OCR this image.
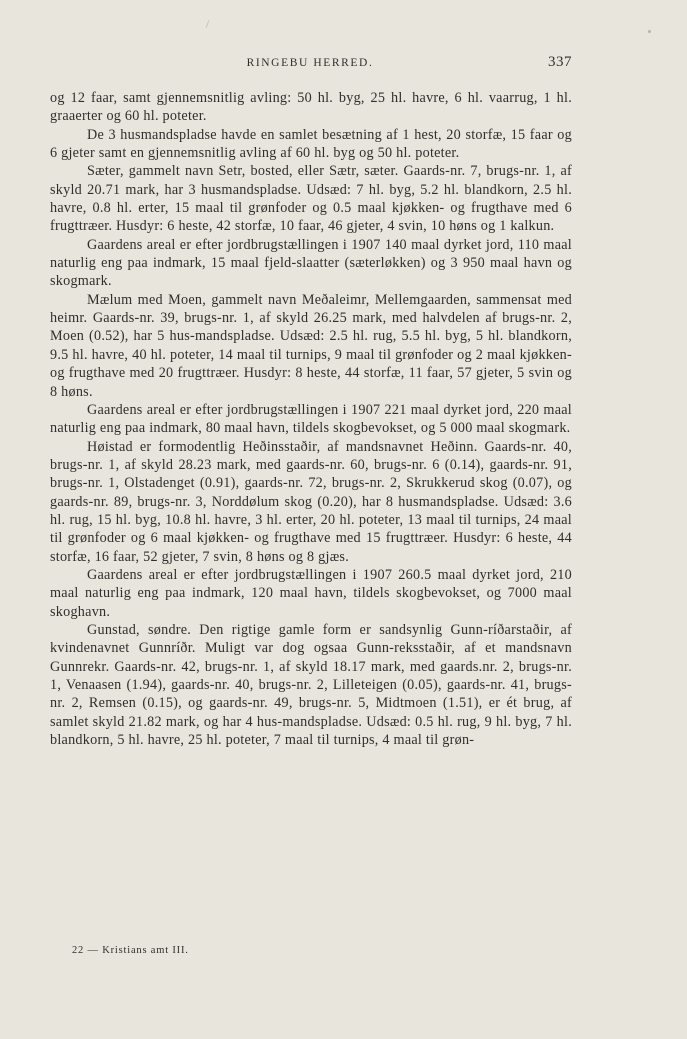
RINGEBU HERRED.	337

og 12 faar, samt gjennemsnitlig avling: 50 hl. byg, 25 hl. havre, 6 hl. vaarrug, 1 hl. graaerter og 60 hl. poteter.

De 3 husmandspladse havde en samlet besætning af 1 hest, 20 storfæ, 15 faar og 6 gjeter samt en gjennemsnitlig avling af 60 hl. byg og 50 hl. poteter.

Sæter, gammelt navn Setr, bosted, eller Sætr, sæter. Gaards-nr. 7, brugs-nr. 1, af skyld 20.71 mark, har 3 husmandspladse. Udsæd: 7 hl. byg, 5.2 hl. blandkorn, 2.5 hl. havre, 0.8 hl. erter, 15 maal til grønfoder og 0.5 maal kjøkken- og frugthave med 6 frugttræer. Husdyr: 6 heste, 42 storfæ, 10 faar, 46 gjeter, 4 svin, 10 høns og 1 kalkun.

Gaardens areal er efter jordbrugstællingen i 1907 140 maal dyrket jord, 110 maal naturlig eng paa indmark, 15 maal fjeld-slaatter (sæterløkken) og 3 950 maal havn og skogmark.

Mælum med Moen, gammelt navn Meðaleimr, Mellemgaarden, sammensat med heimr. Gaards-nr. 39, brugs-nr. 1, af skyld 26.25 mark, med halvdelen af brugs-nr. 2, Moen (0.52), har 5 hus-mandspladse. Udsæd: 2.5 hl. rug, 5.5 hl. byg, 5 hl. blandkorn, 9.5 hl. havre, 40 hl. poteter, 14 maal til turnips, 9 maal til grønfoder og 2 maal kjøkken- og frugthave med 20 frugttræer. Husdyr: 8 heste, 44 storfæ, 11 faar, 57 gjeter, 5 svin og 8 høns.

Gaardens areal er efter jordbrugstællingen i 1907 221 maal dyrket jord, 220 maal naturlig eng paa indmark, 80 maal havn, tildels skogbevokset, og 5 000 maal skogmark.

Høistad er formodentlig Heðinsstaðir, af mandsnavnet Heðinn. Gaards-nr. 40, brugs-nr. 1, af skyld 28.23 mark, med gaards-nr. 60, brugs-nr. 6 (0.14), gaards-nr. 91, brugs-nr. 1, Olstadenget (0.91), gaards-nr. 72, brugs-nr. 2, Skrukkerud skog (0.07), og gaards-nr. 89, brugs-nr. 3, Norddølum skog (0.20), har 8 husmandspladse. Udsæd: 3.6 hl. rug, 15 hl. byg, 10.8 hl. havre, 3 hl. erter, 20 hl. poteter, 13 maal til turnips, 24 maal til grønfoder og 6 maal kjøkken- og frugthave med 15 frugttræer. Husdyr: 6 heste, 44 storfæ, 16 faar, 52 gjeter, 7 svin, 8 høns og 8 gjæs.

Gaardens areal er efter jordbrugstællingen i 1907 260.5 maal dyrket jord, 210 maal naturlig eng paa indmark, 120 maal havn, tildels skogbevokset, og 7000 maal skoghavn.

Gunstad, søndre. Den rigtige gamle form er sandsynlig Gunn-ríðarstaðir, af kvindenavnet Gunnríðr. Muligt var dog ogsaa Gunn-reksstaðir, af et mandsnavn Gunnrekr. Gaards-nr. 42, brugs-nr. 1, af skyld 18.17 mark, med gaards.nr. 2, brugs-nr. 1, Venaasen (1.94), gaards-nr. 40, brugs-nr. 2, Lilleteigen (0.05), gaards-nr. 41, brugs-nr. 2, Remsen (0.15), og gaards-nr. 49, brugs-nr. 5, Midtmoen (1.51), er ét brug, af samlet skyld 21.82 mark, og har 4 hus-mandspladse. Udsæd: 0.5 hl. rug, 9 hl. byg, 7 hl. blandkorn, 5 hl. havre, 25 hl. poteter, 7 maal til turnips, 4 maal til grøn-

22 — Kristians amt III.
